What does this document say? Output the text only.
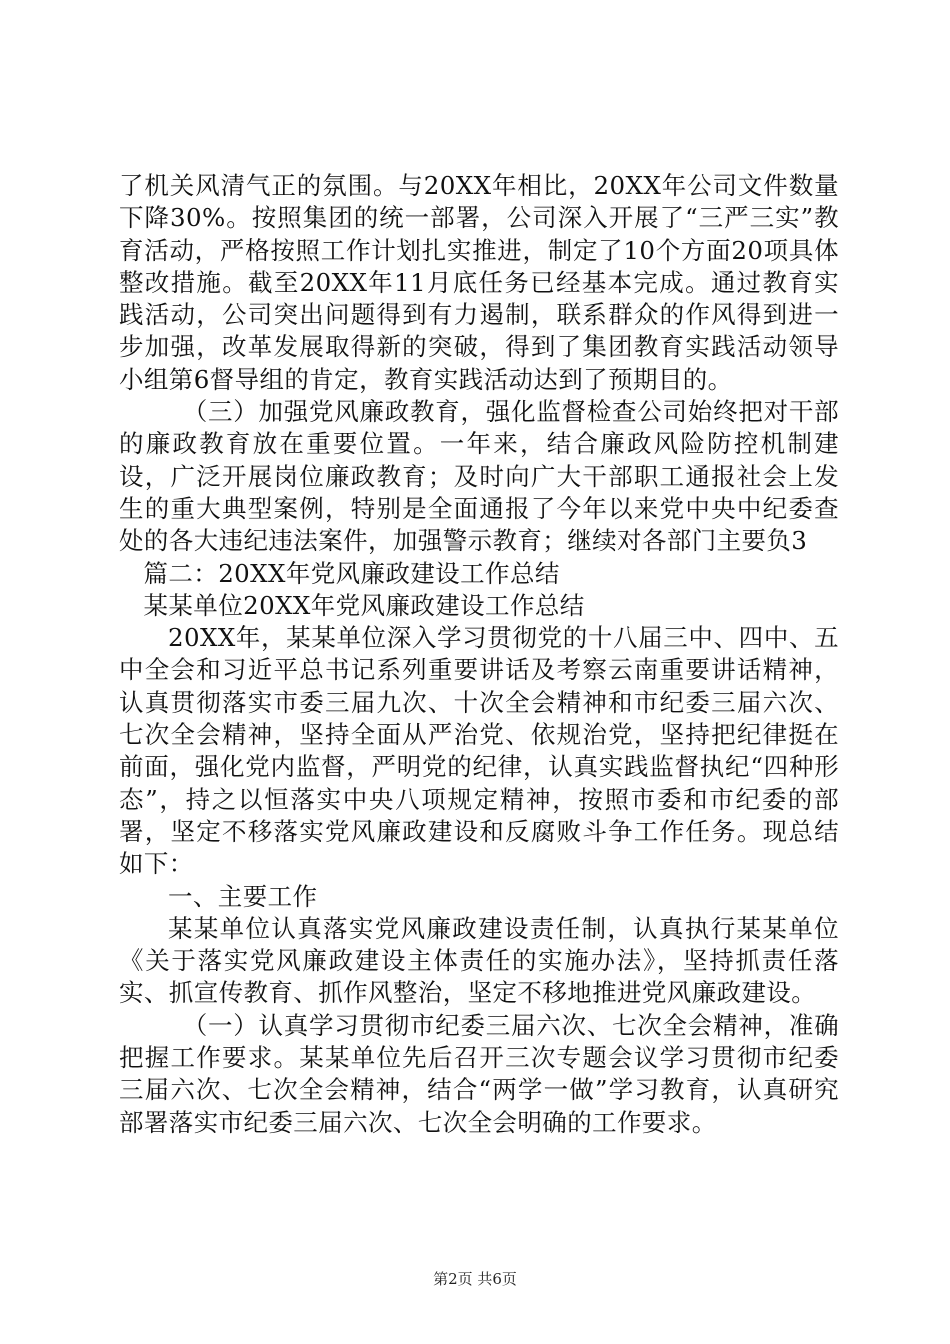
了机关风清气正的氛围。与20XX年相比，20XX年公司文件数量下降30%。按照集团的统一部署，公司深入开展了“三严三实”教育活动，严格按照工作计划扎实推进，制定了10个方面20项具体整改措施。截至20XX年11月底任务已经基本完成。通过教育实践活动，公司突出问题得到有力遏制，联系群众的作风得到进一步加强，改革发展取得新的突破，得到了集团教育实践活动领导小组第6督导组的肯定，教育实践活动达到了预期目的。

（三）加强党风廉政教育，强化监督检查公司始终把对干部的廉政教育放在重要位置。一年来，结合廉政风险防控机制建设，广泛开展岗位廉政教育；及时向广大干部职工通报社会上发生的重大典型案例，特别是全面通报了今年以来党中央中纪委查处的各大违纪违法案件，加强警示教育；继续对各部门主要负3

篇二：20XX年党风廉政建设工作总结

某某单位20XX年党风廉政建设工作总结

20XX年，某某单位深入学习贯彻党的十八届三中、四中、五中全会和习近平总书记系列重要讲话及考察云南重要讲话精神，认真贯彻落实市委三届九次、十次全会精神和市纪委三届六次、七次全会精神，坚持全面从严治党、依规治党，坚持把纪律挺在前面，强化党内监督，严明党的纪律，认真实践监督执纪“四种形态”，持之以恒落实中央八项规定精神，按照市委和市纪委的部署，坚定不移落实党风廉政建设和反腐败斗争工作任务。现总结如下：

一、主要工作

某某单位认真落实党风廉政建设责任制，认真执行某某单位《关于落实党风廉政建设主体责任的实施办法》，坚持抓责任落实、抓宣传教育、抓作风整治，坚定不移地推进党风廉政建设。

（一）认真学习贯彻市纪委三届六次、七次全会精神，准确把握工作要求。某某单位先后召开三次专题会议学习贯彻市纪委三届六次、七次全会精神，结合“两学一做”学习教育，认真研究部署落实市纪委三届六次、七次全会明确的工作要求。

第2页 共6页
